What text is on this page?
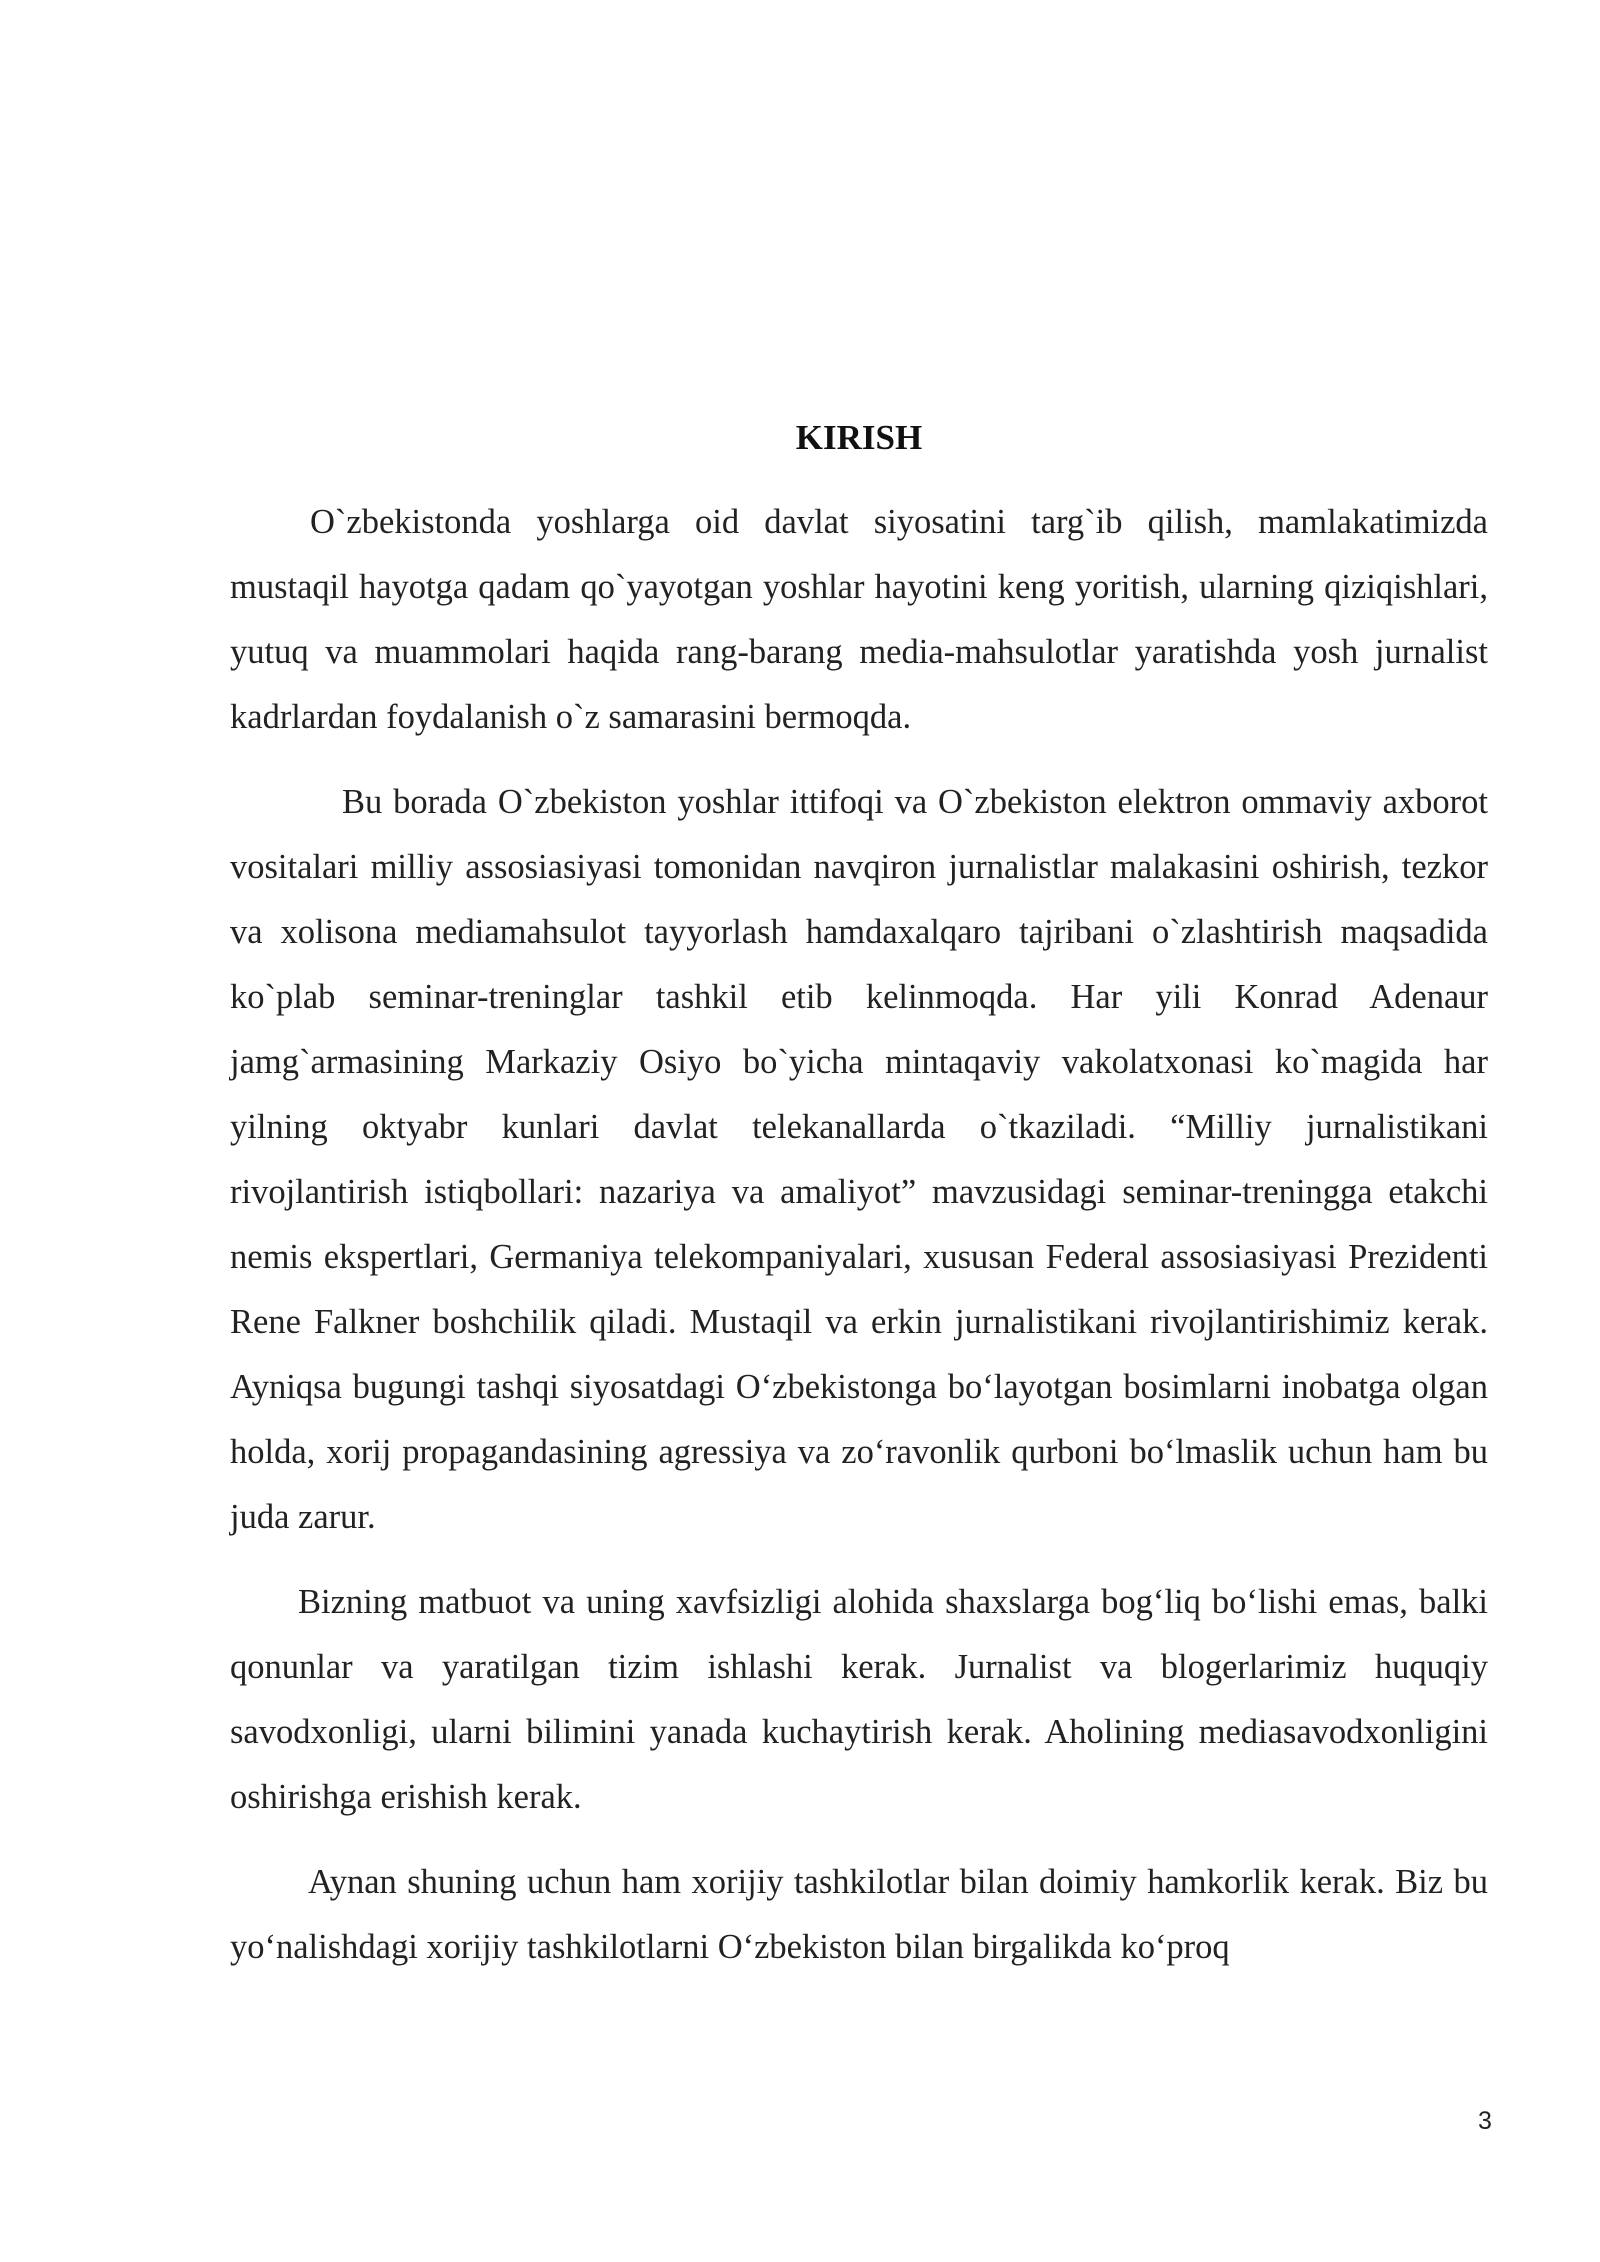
KIRISH

O`zbekistonda yoshlarga oid davlat siyosatini targ`ib qilish, mamlakatimizda mustaqil hayotga qadam qo`yayotgan yoshlar hayotini keng yoritish, ularning qiziqishlari, yutuq va muammolari haqida rang-barang media-mahsulotlar yaratishda yosh jurnalist kadrlardan foydalanish o`z samarasini bermoqda.

Bu borada O`zbekiston yoshlar ittifoqi va O`zbekiston elektron ommaviy axborot vositalari milliy assosiasiyasi tomonidan navqiron jurnalistlar malakasini oshirish, tezkor va xolisona mediamahsulot tayyorlash hamdaxalqaro tajribani o`zlashtirish maqsadida ko`plab seminar-treninglar tashkil etib kelinmoqda. Har yili Konrad Adenaur jamg`armasining Markaziy Osiyo bo`yicha mintaqaviy vakolatxonasi ko`magida har yilning oktyabr kunlari davlat telekanallarda o`tkaziladi. “Milliy jurnalistikani rivojlantirish istiqbollari: nazariya va amaliyot” mavzusidagi seminar-treningga etakchi nemis ekspertlari, Germaniya telekompaniyalari, xususan Federal assosiasiyasi Prezidenti Rene Falkner boshchilik qiladi. Mustaqil va erkin jurnalistikani rivojlantirishimiz kerak. Ayniqsa bugungi tashqi siyosatdagi O‘zbekistonga bo‘layotgan bosimlarni inobatga olgan holda, xorij propagandasining agressiya va zo‘ravonlik qurboni bo‘lmaslik uchun ham bu juda zarur.

Bizning matbuot va uning xavfsizligi alohida shaxslarga bog‘liq bo‘lishi emas, balki qonunlar va yaratilgan tizim ishlashi kerak. Jurnalist va blogerlarimiz huquqiy savodxonligi, ularni bilimini yanada kuchaytirish kerak. Aholining mediasavodxonligini oshirishga erishish kerak.

Aynan shuning uchun ham xorijiy tashkilotlar bilan doimiy hamkorlik kerak. Biz bu yo‘nalishdagi xorijiy tashkilotlarni O‘zbekiston bilan birgalikda ko‘proq

3
